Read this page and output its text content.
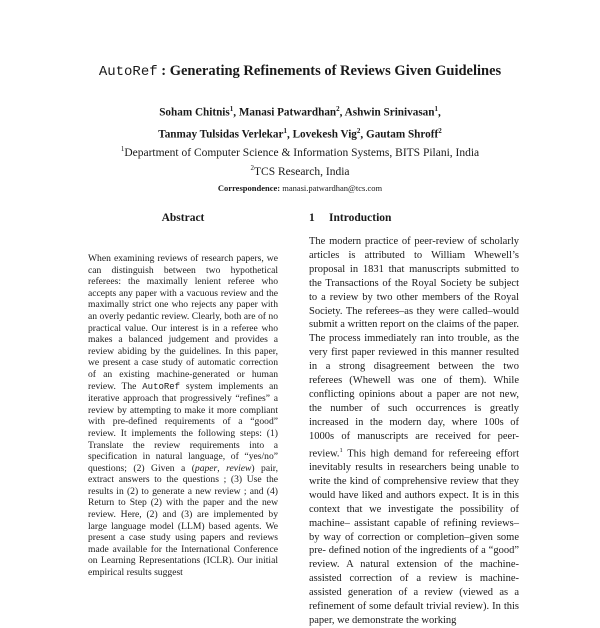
AutoRef : Generating Refinements of Reviews Given Guidelines
Soham Chitnis$^1$, Manasi Patwardhan$^2$, Ashwin Srinivasan$^1$,
Tanmay Tulsidas Verlekar$^1$, Lovekesh Vig$^2$, Gautam Shroff$^2$
$^1$Department of Computer Science & Information Systems, BITS Pilani, India
$^2$TCS Research, India
Correspondence: manasi.patwardhan@tcs.com
Abstract
When examining reviews of research papers, we can distinguish between two hypothetical referees: the maximally lenient referee who accepts any paper with a vacuous review and the maximally strict one who rejects any paper with an overly pedantic review. Clearly, both are of no practical value. Our interest is in a referee who makes a balanced judgement and provides a review abiding by the guidelines. In this paper, we present a case study of automatic correction of an existing machine-generated or human review. The AutoRef system implements an iterative approach that progressively “refines” a review by attempting to make it more compliant with pre-defined requirements of a “good” review. It implements the following steps: (1) Translate the review requirements into a specification in natural language, of “yes/no” questions; (2) Given a (paper, review) pair, extract answers to the questions ; (3) Use the results in (2) to generate a new review ; and (4) Return to Step (2) with the paper and the new review. Here, (2) and (3) are implemented by large language model (LLM) based agents. We present a case study using papers and reviews made available for the International Conference on Learning Representations (ICLR). Our initial empirical results suggest
1 Introduction
The modern practice of peer-review of scholarly articles is attributed to William Whewell’s proposal in 1831 that manuscripts submitted to the Transactions of the Royal Society be subject to a review by two other members of the Royal Society. The referees–as they were called–would submit a written report on the claims of the paper. The process immediately ran into trouble, as the very first paper reviewed in this manner resulted in a strong disagreement between the two referees (Whewell was one of them). While conflicting opinions about a paper are not new, the number of such occurrences is greatly increased in the modern day, where 100s of 1000s of manuscripts are received for peer-review.$^1$ This high demand for refereeing effort inevitably results in researchers being unable to write the kind of comprehensive review that they would have liked and authors expect. It is in this context that we investigate the possibility of machine– assistant capable of refining reviews–by way of correction or completion–given some pre- defined notion of the ingredients of a “good” review. A natural extension of the machine- assisted correction of a review is machine-assisted generation of a review (viewed as a refinement of some default trivial review). In this paper, we demonstrate the working
